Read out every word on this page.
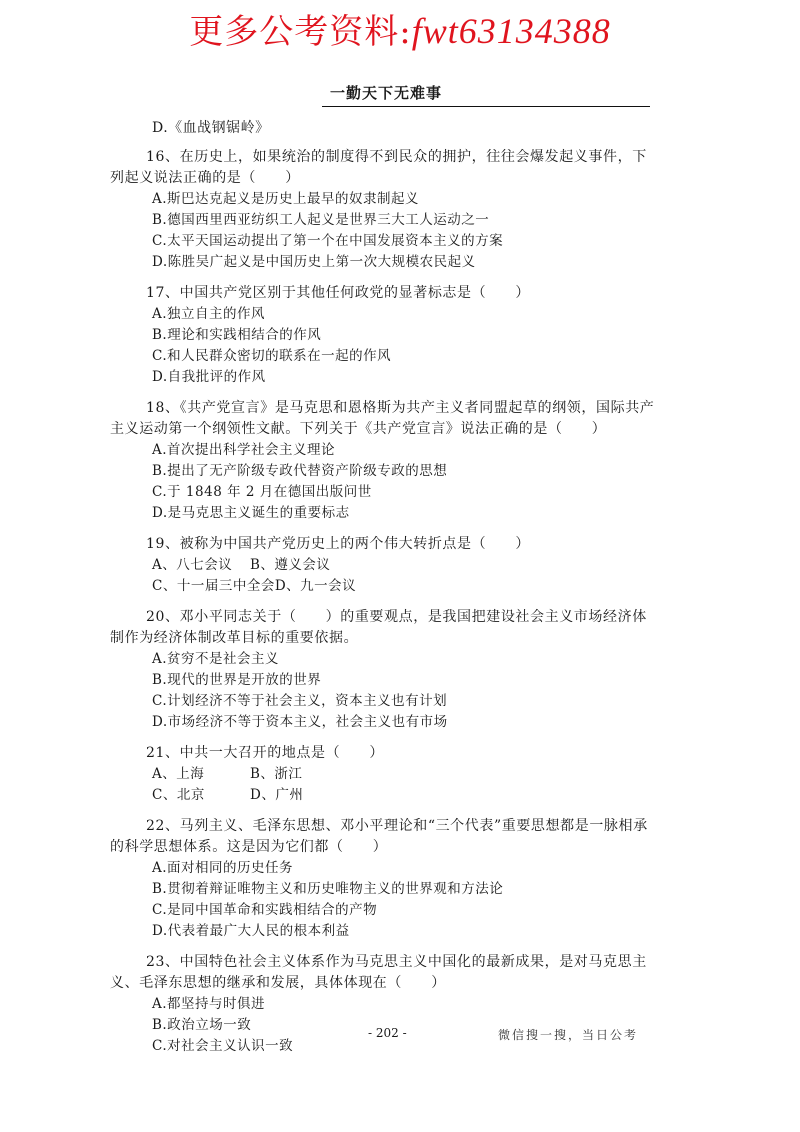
更多公考资料:fwt63134388
一勤天下无难事

D.《血战钢锯岭》

16、在历史上，如果统治的制度得不到民众的拥护，往往会爆发起义事件，下列起义说法正确的是（　　）

A.斯巴达克起义是历史上最早的奴隶制起义

B.德国西里西亚纺织工人起义是世界三大工人运动之一

C.太平天国运动提出了第一个在中国发展资本主义的方案

D.陈胜吴广起义是中国历史上第一次大规模农民起义

17、中国共产党区别于其他任何政党的显著标志是（　　）

A.独立自主的作风

B.理论和实践相结合的作风

C.和人民群众密切的联系在一起的作风

D.自我批评的作风

18、《共产党宣言》是马克思和恩格斯为共产主义者同盟起草的纲领，国际共产主义运动第一个纲领性文献。下列关于《共产党宣言》说法正确的是（　　）

A.首次提出科学社会主义理论

B.提出了无产阶级专政代替资产阶级专政的思想

C.于 1848 年 2 月在德国出版问世

D.是马克思主义诞生的重要标志

19、被称为中国共产党历史上的两个伟大转折点是（　　）

A、八七会议 B、遵义会议

C、十一届三中全会D、九一会议

20、邓小平同志关于（　　）的重要观点，是我国把建设社会主义市场经济体制作为经济体制改革目标的重要依据。

A.贫穷不是社会主义

B.现代的世界是开放的世界

C.计划经济不等于社会主义，资本主义也有计划

D.市场经济不等于资本主义，社会主义也有市场

21、中共一大召开的地点是（　　）

A、上海	B、浙江

C、北京	D、广州

22、马列主义、毛泽东思想、邓小平理论和“三个代表”重要思想都是一脉相承的科学思想体系。这是因为它们都（　　）

A.面对相同的历史任务

B.贯彻着辩证唯物主义和历史唯物主义的世界观和方法论

C.是同中国革命和实践相结合的产物

D.代表着最广大人民的根本利益

23、中国特色社会主义体系作为马克思主义中国化的最新成果，是对马克思主义、毛泽东思想的继承和发展，具体体现在（　　）

A.都坚持与时俱进

B.政治立场一致

C.对社会主义认识一致

- 202 -	微信搜一搜，当日公考
